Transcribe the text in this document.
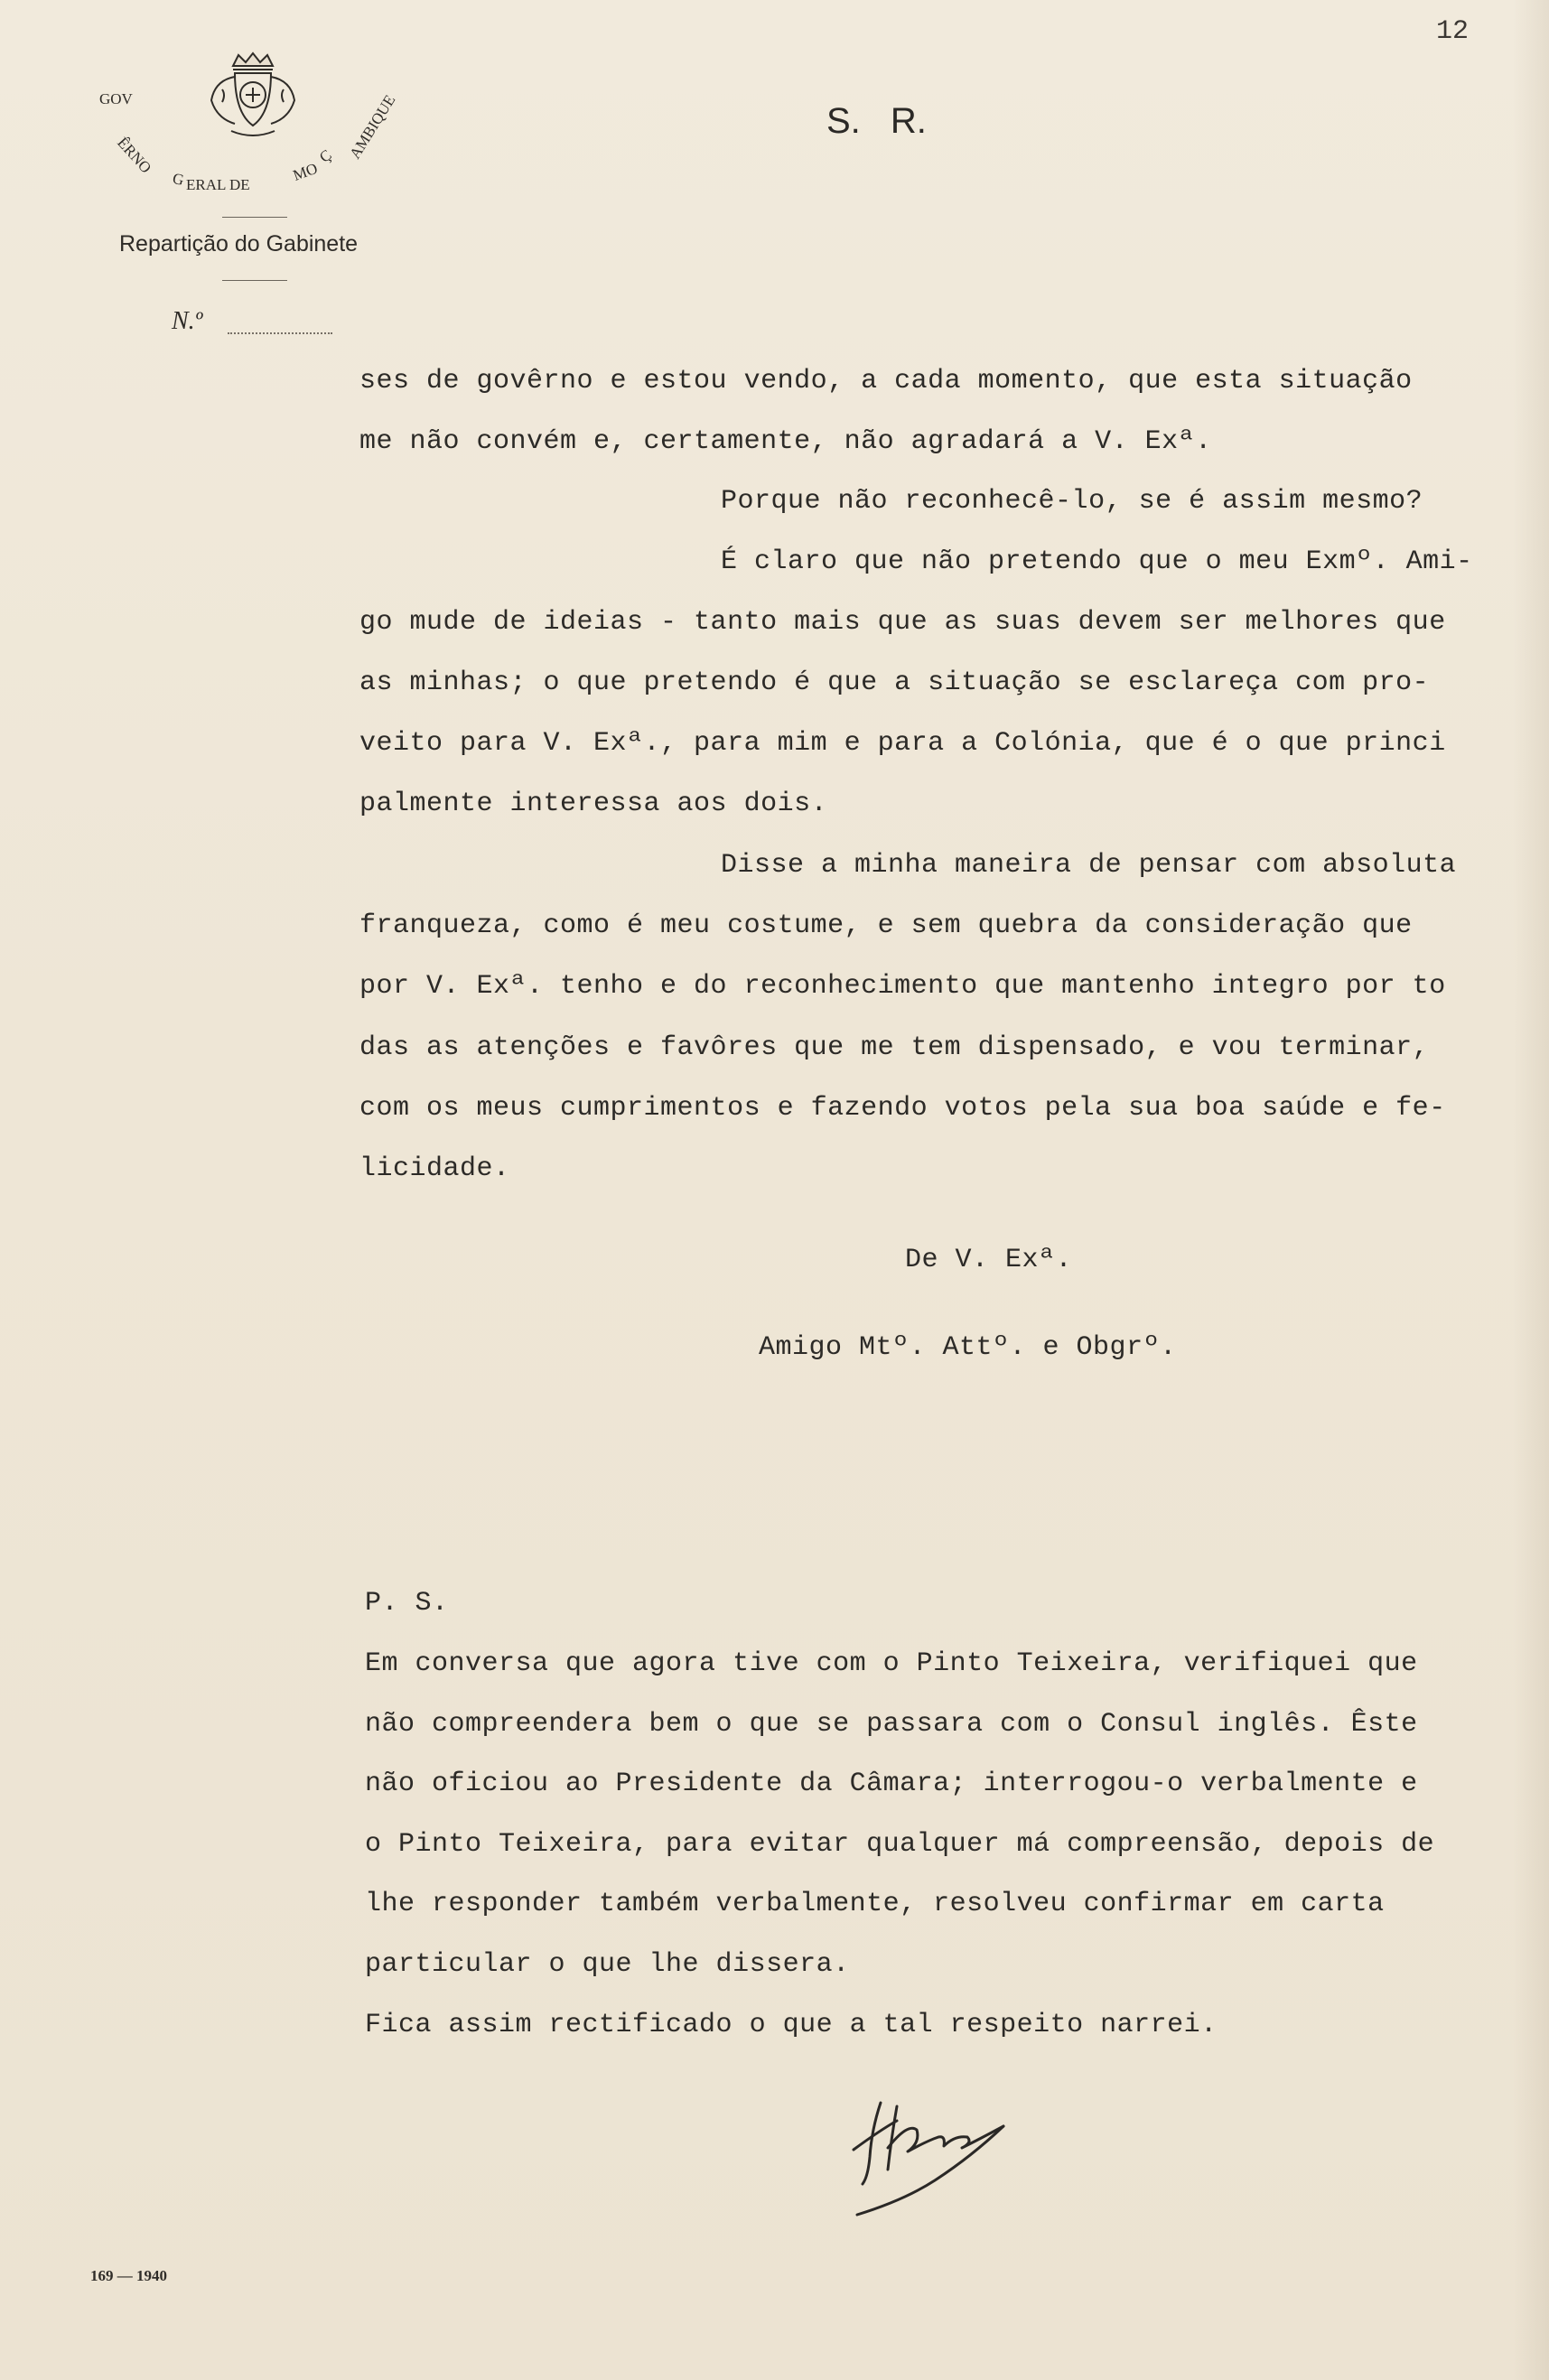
12
GOV
ÊRNO
G ERAL DE
MO
Ç AMBIQUE
Repartição do Gabinete
N.º
S. R.
ses de govêrno e estou vendo, a cada momento, que esta situação
me não convém e, certamente, não agradará a V. Exª.
Porque não reconhecê-lo, se é assim mesmo?
É claro que não pretendo que o meu Exmº. Ami-
go mude de ideias - tanto mais que as suas devem ser melhores que
as minhas; o que pretendo é que a situação se esclareça com pro-
veito para V. Exª., para mim e para a Colónia, que é o que princi
palmente interessa aos dois.
Disse a minha maneira de pensar com absoluta
franqueza, como é meu costume, e sem quebra da consideração que
por V. Exª. tenho e do reconhecimento que mantenho integro por to
das as atenções e favôres que me tem dispensado, e vou terminar,
com os meus cumprimentos e fazendo votos pela sua boa saúde e fe-
licidade.
De V. Exª.
Amigo Mtº. Attº. e Obgrº.
P. S.
Em conversa que agora tive com o Pinto Teixeira, verifiquei que
não compreendera bem o que se passara com o Consul inglês. Êste
não oficiou ao Presidente da Câmara; interrogou-o verbalmente e
o Pinto Teixeira, para evitar qualquer má compreensão, depois de
lhe responder também verbalmente, resolveu confirmar em carta
particular o que lhe dissera.
Fica assim rectificado o que a tal respeito narrei.
169 — 1940
